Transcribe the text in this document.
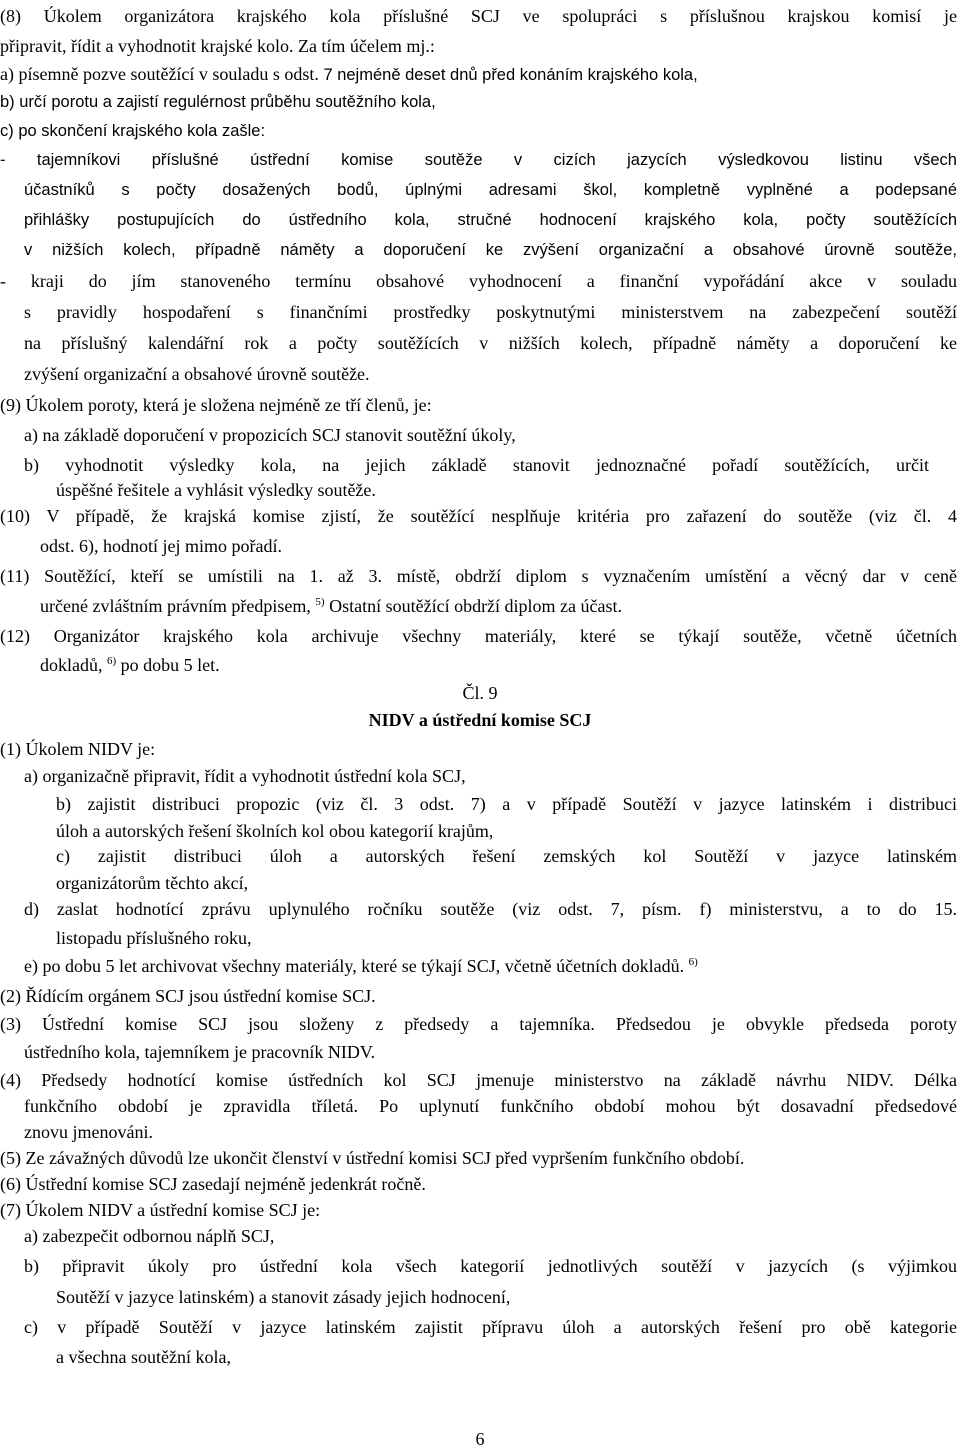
(8) Úkolem organizátora krajského kola příslušné SCJ ve spolupráci s příslušnou krajskou komisí je
připravit, řídit a vyhodnotit krajské kolo. Za tím účelem mj.:
a) písemně pozve soutěžící v souladu s odst. 7 nejméně deset dnů před konáním krajského kola,
b) určí porotu a zajistí regulérnost průběhu soutěžního kola,
c) po skončení krajského kola zašle:
- tajemníkovi příslušné ústřední komise soutěže v cizích jazycích výsledkovou listinu všech
účastníků s počty dosažených bodů, úplnými adresami škol, kompletně vyplněné a podepsané
přihlášky postupujících do ústředního kola, stručné hodnocení krajského kola, počty soutěžících
v nižších kolech, případně náměty a doporučení ke zvýšení organizační a obsahové úrovně soutěže,
- kraji do jím stanoveného termínu obsahové vyhodnocení a finanční vypořádání akce v souladu
s pravidly hospodaření s finančními prostředky poskytnutými ministerstvem na zabezpečení soutěží
na příslušný kalendářní rok a počty soutěžících v nižších kolech, případně náměty a doporučení ke
zvýšení organizační a obsahové úrovně soutěže.
(9) Úkolem poroty, která je složena nejméně ze tří členů, je:
a) na základě doporučení v propozicích SCJ stanovit soutěžní úkoly,
b) vyhodnotit výsledky kola, na jejich základě stanovit jednoznačné pořadí soutěžících, určit
úspěšné řešitele a vyhlásit výsledky soutěže.
(10) V případě, že krajská komise zjistí, že soutěžící nesplňuje kritéria pro zařazení do soutěže (viz čl. 4
odst. 6), hodnotí jej mimo pořadí.
(11) Soutěžící, kteří se umístili na 1. až 3. místě, obdrží diplom s vyznačením umístění a věcný dar v ceně
určené zvláštním právním předpisem, $^{5)}$ Ostatní soutěžící obdrží diplom za účast.
(12) Organizátor krajského kola archivuje všechny materiály, které se týkají soutěže, včetně účetních
dokladů, $^{6)}$ po dobu 5 let.
Čl. 9
NIDV a ústřední komise SCJ
(1) Úkolem NIDV je:
a) organizačně připravit, řídit a vyhodnotit ústřední kola SCJ,
b) zajistit distribuci propozic (viz čl. 3 odst. 7) a v případě Soutěží v jazyce latinském i distribuci
úloh a autorských řešení školních kol obou kategorií krajům,
c) zajistit distribuci úloh a autorských řešení zemských kol Soutěží v jazyce latinském
organizátorům těchto akcí,
d) zaslat hodnotící zprávu uplynulého ročníku soutěže (viz odst. 7, písm. f) ministerstvu, a to do 15.
listopadu příslušného roku,
e) po dobu 5 let archivovat všechny materiály, které se týkají SCJ, včetně účetních dokladů. $^{6)}$
(2) Řídícím orgánem SCJ jsou ústřední komise SCJ.
(3) Ústřední komise SCJ jsou složeny z předsedy a tajemníka. Předsedou je obvykle předseda poroty
ústředního kola, tajemníkem je pracovník NIDV.
(4) Předsedy hodnotící komise ústředních kol SCJ jmenuje ministerstvo na základě návrhu NIDV. Délka
funkčního období je zpravidla tříletá. Po uplynutí funkčního období mohou být dosavadní předsedové
znovu jmenováni.
(5) Ze závažných důvodů lze ukončit členství v ústřední komisi SCJ před vypršením funkčního období.
(6) Ústřední komise SCJ zasedají nejméně jedenkrát ročně.
(7) Úkolem NIDV a ústřední komise SCJ je:
a) zabezpečit odbornou náplň SCJ,
b) připravit úkoly pro ústřední kola všech kategorií jednotlivých soutěží v jazycích (s výjimkou
Soutěží v jazyce latinském) a stanovit zásady jejich hodnocení,
c) v případě Soutěží v jazyce latinském zajistit přípravu úloh a autorských řešení pro obě kategorie
a všechna soutěžní kola,
6
